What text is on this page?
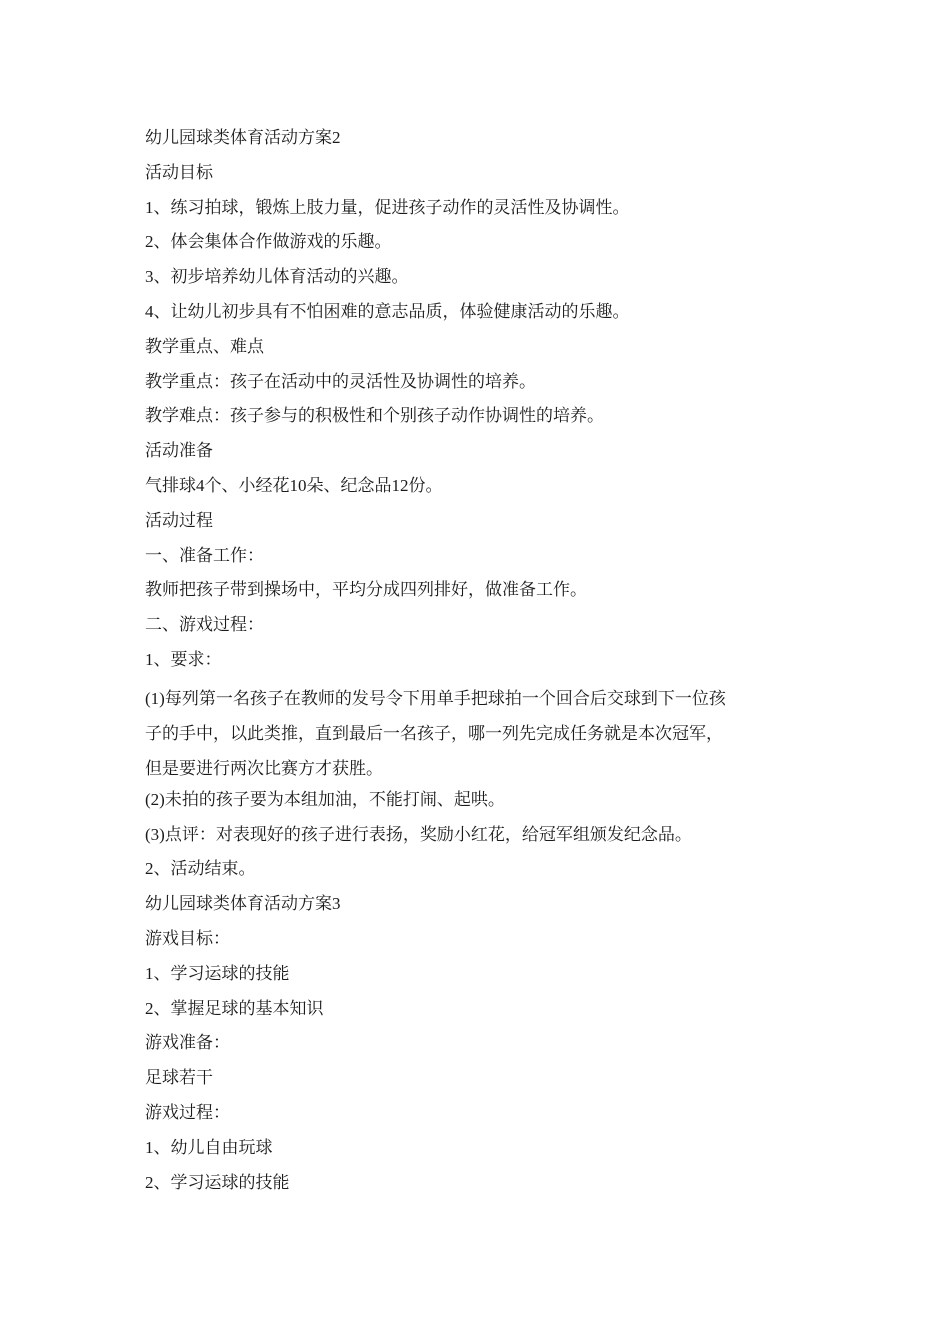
幼儿园球类体育活动方案2
活动目标
1、练习拍球，锻炼上肢力量，促进孩子动作的灵活性及协调性。
2、体会集体合作做游戏的乐趣。
3、初步培养幼儿体育活动的兴趣。
4、让幼儿初步具有不怕困难的意志品质，体验健康活动的乐趣。
教学重点、难点
教学重点：孩子在活动中的灵活性及协调性的培养。
教学难点：孩子参与的积极性和个别孩子动作协调性的培养。
活动准备
气排球4个、小经花10朵、纪念品12份。
活动过程
一、准备工作：
教师把孩子带到操场中，平均分成四列排好，做准备工作。
二、游戏过程：
1、要求：
(1)每列第一名孩子在教师的发号令下用单手把球拍一个回合后交球到下一位孩
子的手中，以此类推，直到最后一名孩子，哪一列先完成任务就是本次冠军，
但是要进行两次比赛方才获胜。
(2)未拍的孩子要为本组加油，不能打闹、起哄。
(3)点评：对表现好的孩子进行表扬，奖励小红花，给冠军组颁发纪念品。
2、活动结束。
幼儿园球类体育活动方案3
游戏目标：
1、学习运球的技能
2、掌握足球的基本知识
游戏准备：
足球若干
游戏过程：
1、幼儿自由玩球
2、学习运球的技能
